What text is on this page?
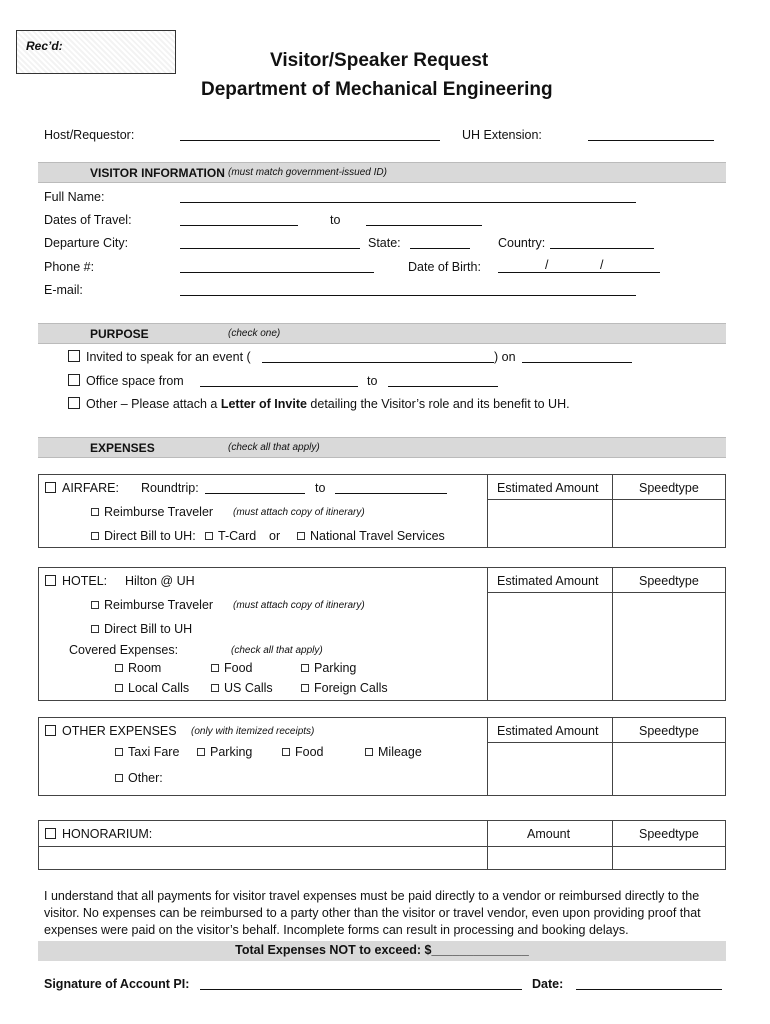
Rec’d:
Visitor/Speaker Request
Department of Mechanical Engineering
Host/Requestor:	UH Extension:
VISITOR INFORMATION (must match government-issued ID)
Full Name:
Dates of Travel:	to
Departure City:	State:	Country:
Phone #:	Date of Birth:	/	/
E-mail:
PURPOSE	(check one)
Invited to speak for an event (	) on
Office space from	to
Other – Please attach a Letter of Invite detailing the Visitor’s role and its benefit to UH.
EXPENSES	(check all that apply)
AIRFARE: Roundtrip:	to	Estimated Amount	Speedtype
Reimburse Traveler (must attach copy of itinerary)
Direct Bill to UH:	T-Card or	National Travel Services
HOTEL: Hilton @ UH	Estimated Amount	Speedtype
Reimburse Traveler (must attach copy of itinerary)
Direct Bill to UH
Covered Expenses:	(check all that apply)
Room	Food	Parking
Local Calls	US Calls	Foreign Calls
OTHER EXPENSES (only with itemized receipts)	Estimated Amount	Speedtype
Taxi Fare	Parking	Food	Mileage
Other:
HONORARIUM:	Amount	Speedtype
I understand that all payments for visitor travel expenses must be paid directly to a vendor or reimbursed directly to the visitor. No expenses can be reimbursed to a party other than the visitor or travel vendor, even upon providing proof that expenses were paid on the visitor’s behalf. Incomplete forms can result in processing and booking delays.
Total Expenses NOT to exceed: $______________
Signature of Account PI:	Date:
